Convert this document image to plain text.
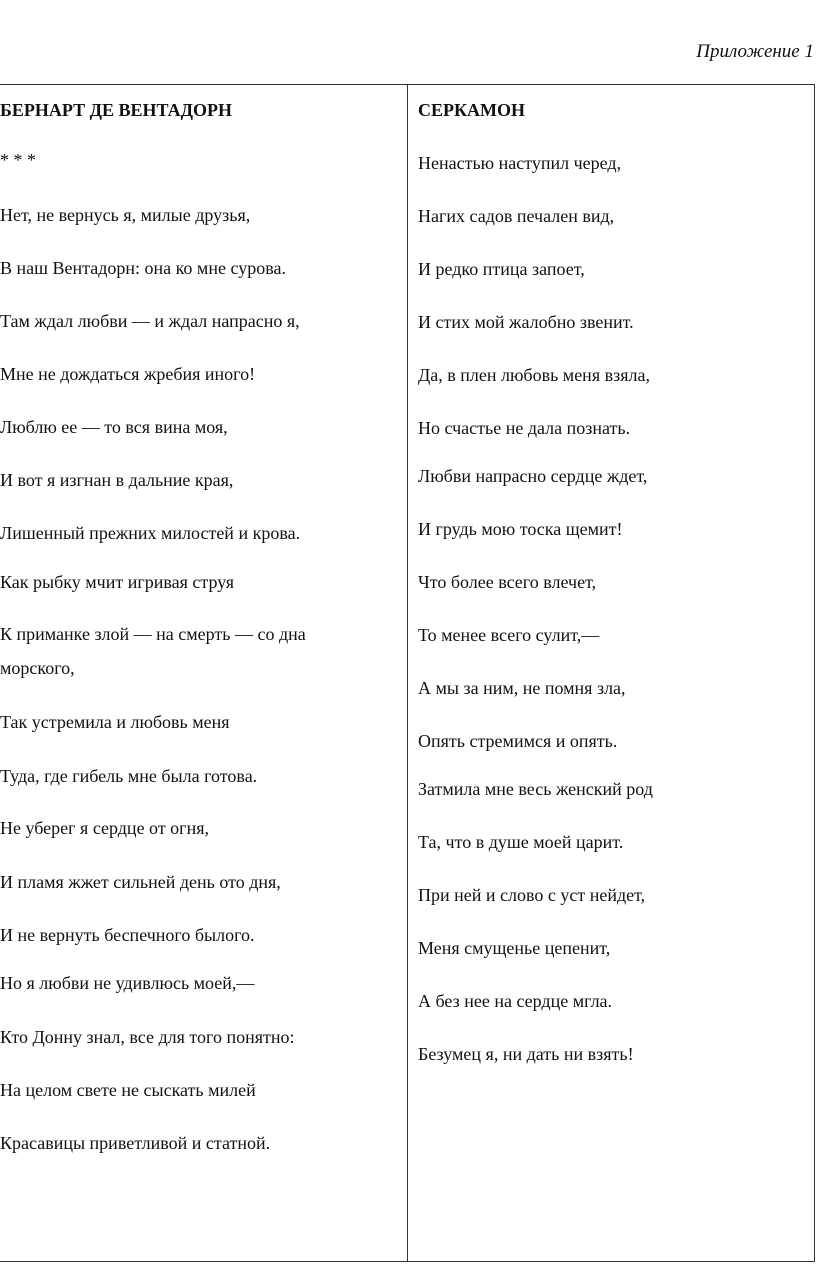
Приложение 1
БЕРНАРТ ДЕ ВЕНТАДОРН
* * *
Нет, не вернусь я, милые друзья,
В наш Вентадорн: она ко мне сурова.
Там ждал любви — и ждал напрасно я,
Мне не дождаться жребия иного!
Люблю ее — то вся вина моя,
И вот я изгнан в дальние края,
Лишенный прежних милостей и крова.
Как рыбку мчит игривая струя
К приманке злой — на смерть — со дна морского,
Так устремила и любовь меня
Туда, где гибель мне была готова.
Не уберег я сердце от огня,
И пламя жжет сильней день ото дня,
И не вернуть беспечного былого.
Но я любви не удивлюсь моей,—
Кто Донну знал, все для того понятно:
На целом свете не сыскать милей
Красавицы приветливой и статной.
СЕРКАМОН
Ненастью наступил черед,
Нагих садов печален вид,
И редко птица запоет,
И стих мой жалобно звенит.
Да, в плен любовь меня взяла,
Но счастье не дала познать.
Любви напрасно сердце ждет,
И грудь мою тоска щемит!
Что более всего влечет,
То менее всего сулит,—
А мы за ним, не помня зла,
Опять стремимся и опять.
Затмила мне весь женский род
Та, что в душе моей царит.
При ней и слово с уст нейдет,
Меня смущенье цепенит,
А без нее на сердце мгла.
Безумец я, ни дать ни взять!
